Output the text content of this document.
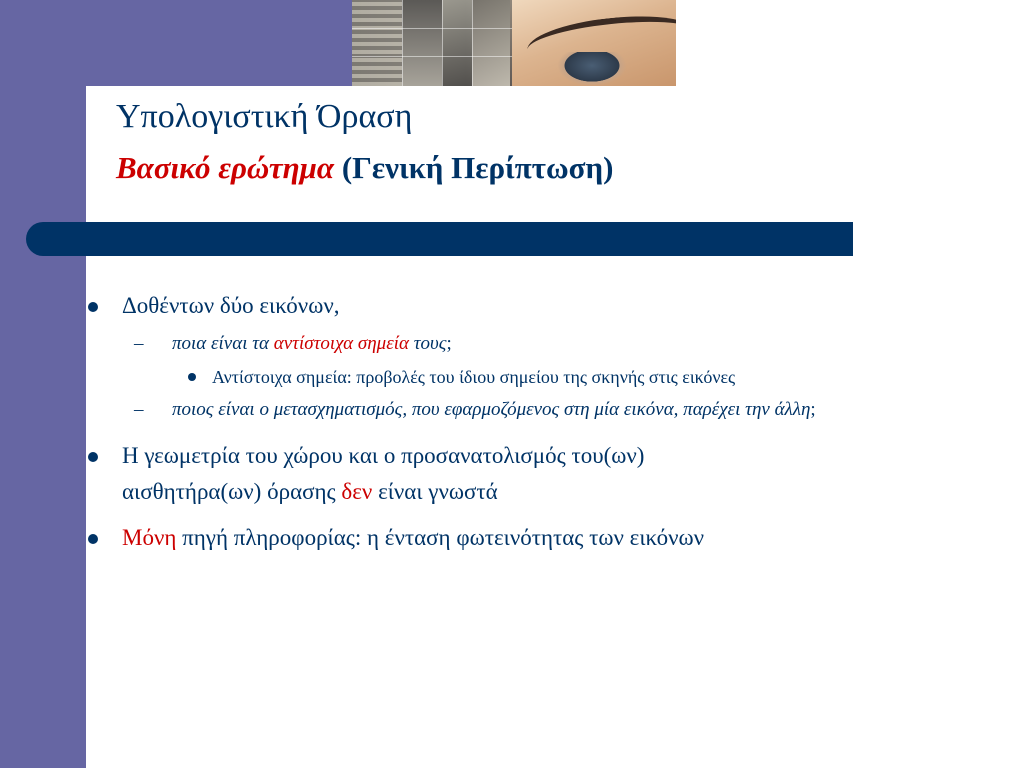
Υπολογιστική Όραση
Βασικό ερώτημα (Γενική Περίπτωση)
Δοθέντων δύο εικόνων,
– ποια είναι τα αντίστοιχα σημεία τους;
Αντίστοιχα σημεία: προβολές του ίδιου σημείου της σκηνής στις εικόνες
– ποιος είναι ο μετασχηματισμός, που εφαρμοζόμενος στη μία εικόνα, παρέχει την άλλη;
Η γεωμετρία του χώρου και ο προσανατολισμός του(ων)
αισθητήρα(ων) όρασης δεν είναι γνωστά
Μόνη πηγή πληροφορίας: η ένταση φωτεινότητας των εικόνων
